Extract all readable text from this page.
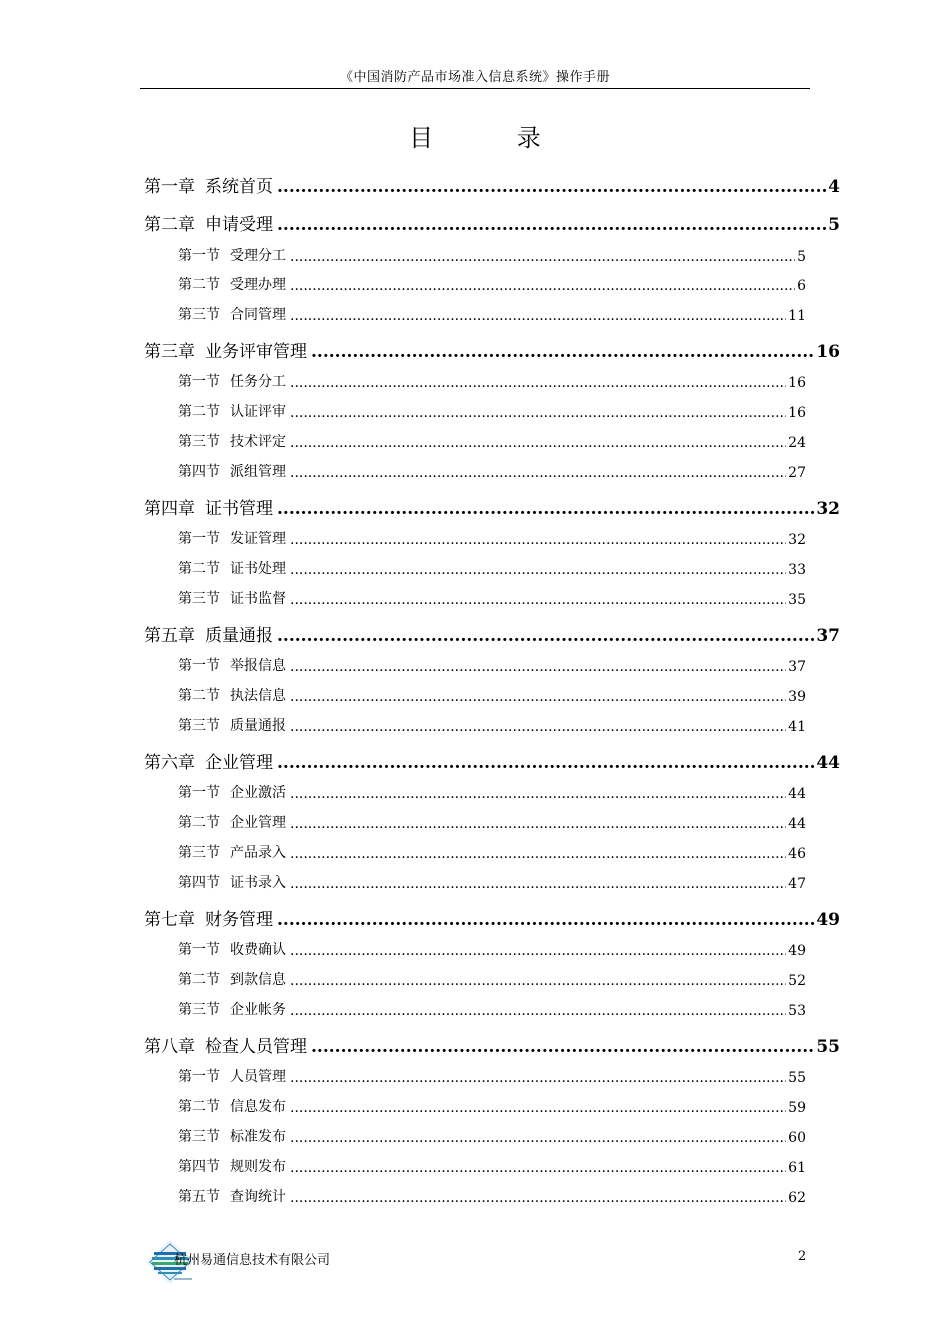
《中国消防产品市场准入信息系统》操作手册
目 录
第一章 系统首页 .....	4
第二章 申请受理 .....	5
第一节 受理分工 .....	5
第二节 受理办理 .....	6
第三节 合同管理 .....	11
第三章 业务评审管理 .....	16
第一节 任务分工 .....	16
第二节 认证评审 .....	16
第三节 技术评定 .....	24
第四节 派组管理 .....	27
第四章 证书管理 .....	32
第一节 发证管理 .....	32
第二节 证书处理 .....	33
第三节 证书监督 .....	35
第五章 质量通报 .....	37
第一节 举报信息 .....	37
第二节 执法信息 .....	39
第三节 质量通报 .....	41
第六章 企业管理 .....	44
第一节 企业激活 .....	44
第二节 企业管理 .....	44
第三节 产品录入 .....	46
第四节 证书录入 .....	47
第七章 财务管理 .....	49
第一节 收费确认 .....	49
第二节 到款信息 .....	52
第三节 企业帐务 .....	53
第八章 检查人员管理 .....	55
第一节 人员管理 .....	55
第二节 信息发布 .....	59
第三节 标准发布 .....	60
第四节 规则发布 .....	61
第五节 查询统计 .....	62
杭州易通信息技术有限公司	2
